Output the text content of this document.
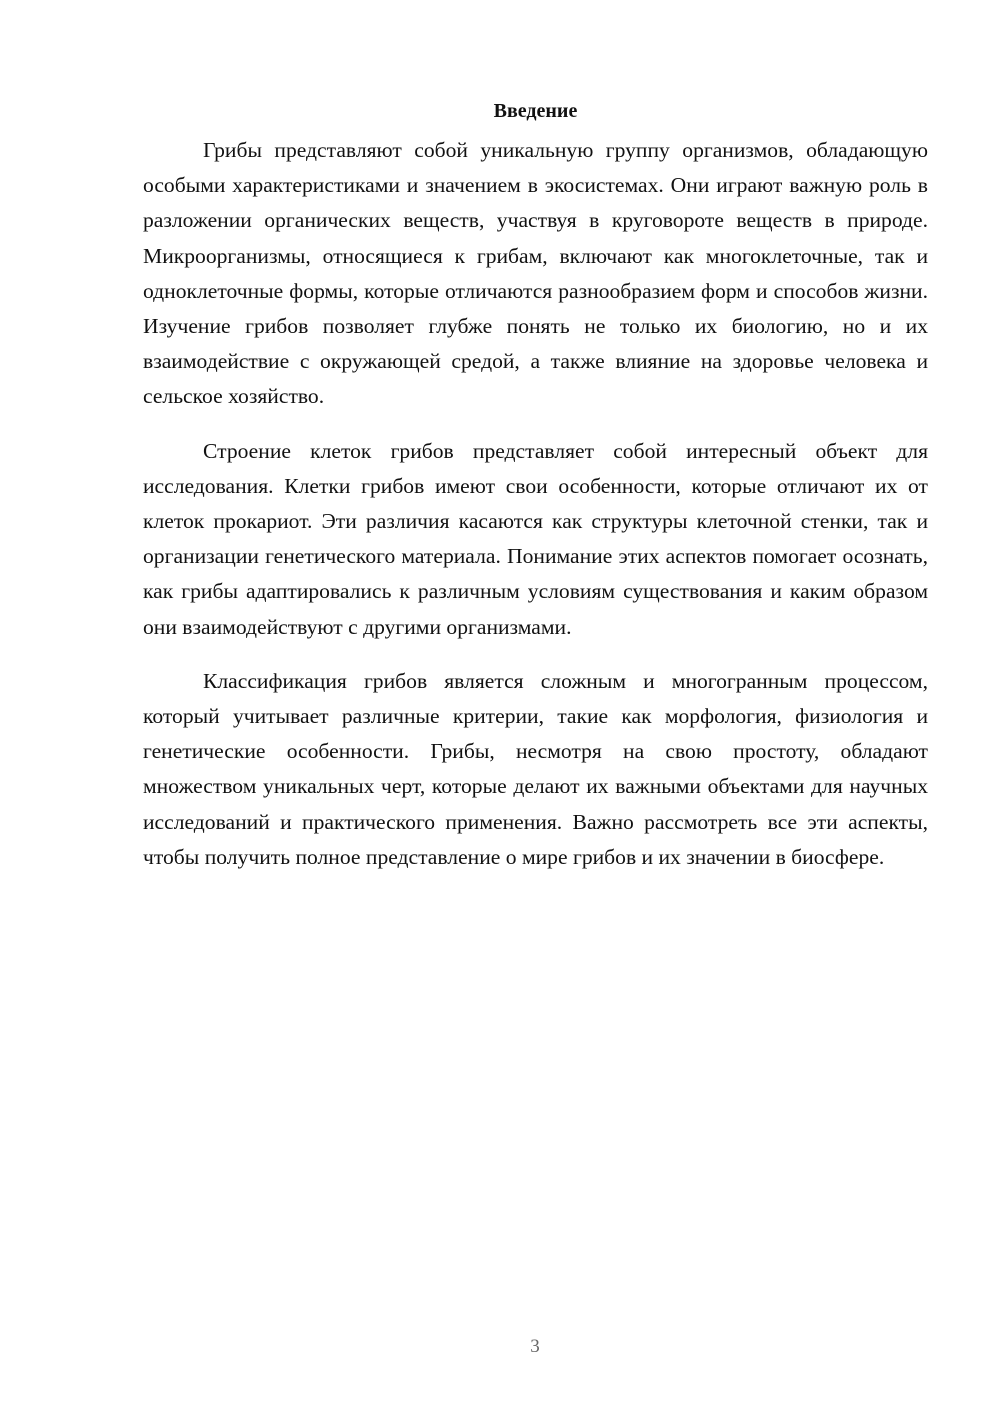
Введение

Грибы представляют собой уникальную группу организмов, обладающую особыми характеристиками и значением в экосистемах. Они играют важную роль в разложении органических веществ, участвуя в круговороте веществ в природе. Микроорганизмы, относящиеся к грибам, включают как многоклеточные, так и одноклеточные формы, которые отличаются разнообразием форм и способов жизни. Изучение грибов позволяет глубже понять не только их биологию, но и их взаимодействие с окружающей средой, а также влияние на здоровье человека и сельское хозяйство.

Строение клеток грибов представляет собой интересный объект для исследования. Клетки грибов имеют свои особенности, которые отличают их от клеток прокариот. Эти различия касаются как структуры клеточной стенки, так и организации генетического материала. Понимание этих аспектов помогает осознать, как грибы адаптировались к различным условиям существования и каким образом они взаимодействуют с другими организмами.

Классификация грибов является сложным и многогранным процессом, который учитывает различные критерии, такие как морфология, физиология и генетические особенности. Грибы, несмотря на свою простоту, обладают множеством уникальных черт, которые делают их важными объектами для научных исследований и практического применения. Важно рассмотреть все эти аспекты, чтобы получить полное представление о мире грибов и их значении в биосфере.

3
